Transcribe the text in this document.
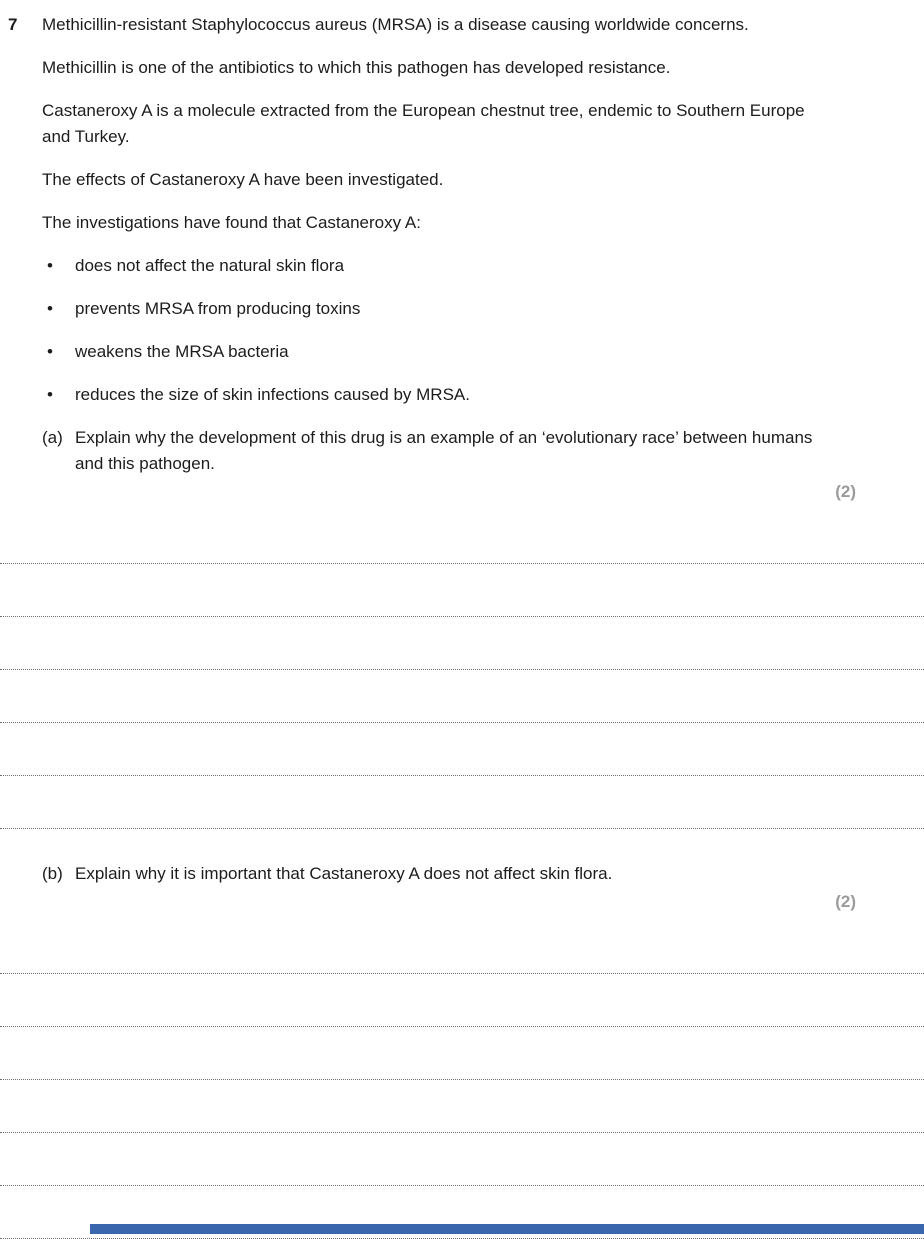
7 Methicillin-resistant Staphylococcus aureus (MRSA) is a disease causing worldwide concerns.

Methicillin is one of the antibiotics to which this pathogen has developed resistance.

Castaneroxy A is a molecule extracted from the European chestnut tree, endemic to Southern Europe and Turkey.

The effects of Castaneroxy A have been investigated.

The investigations have found that Castaneroxy A:

•	does not affect the natural skin flora
•	prevents MRSA from producing toxins
•	weakens the MRSA bacteria
•	reduces the size of skin infections caused by MRSA.
(a) Explain why the development of this drug is an example of an ‘evolutionary race’ between humans and this pathogen.
(2)
(b) Explain why it is important that Castaneroxy A does not affect skin flora.
(2)
